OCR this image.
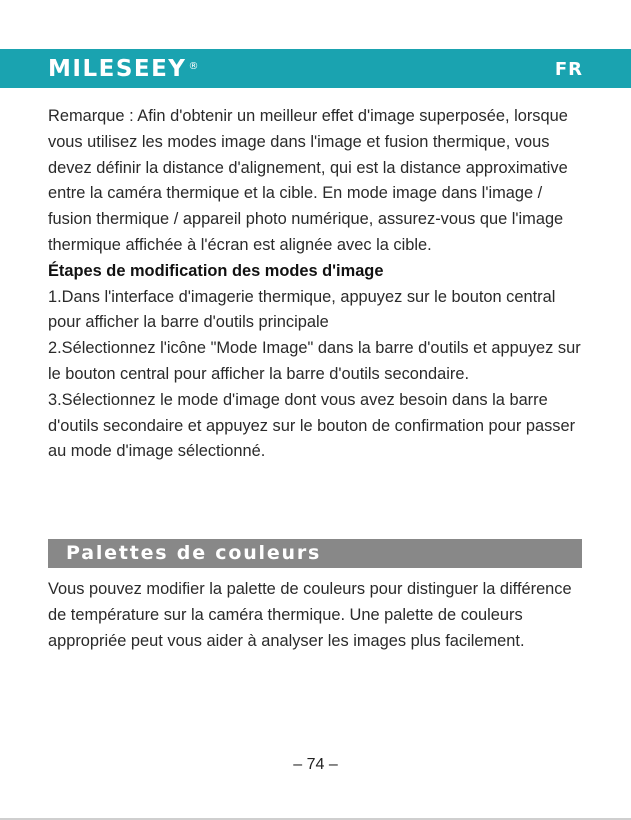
MILESEEY ®	FR

Remarque : Afin d'obtenir un meilleur effet d'image superposée, lorsque vous utilisez les modes image dans l'image et fusion thermique, vous devez définir la distance d'alignement, qui est la distance approximative entre la caméra thermique et la cible. En mode image dans l'image / fusion thermique / appareil photo numérique, assurez-vous que l'image thermique affichée à l'écran est alignée avec la cible.

Étapes de modification des modes d'image

1.Dans l'interface d'imagerie thermique, appuyez sur le bouton central pour afficher la barre d'outils principale

2.Sélectionnez l'icône "Mode Image" dans la barre d'outils et appuyez sur le bouton central pour afficher la barre d'outils secondaire.

3.Sélectionnez le mode d'image dont vous avez besoin dans la barre d'outils secondaire et appuyez sur le bouton de confirmation pour passer au mode d'image sélectionné.

Palettes de couleurs

Vous pouvez modifier la palette de couleurs pour distinguer la différence de température sur la caméra thermique. Une palette de couleurs appropriée peut vous aider à analyser les images plus facilement.

– 74 –
